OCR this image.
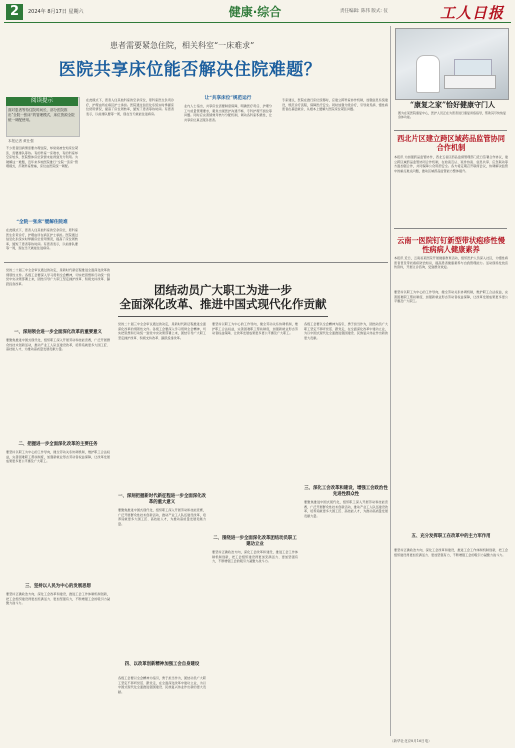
2	2024年 8月17日 星期六	健康·综合	责任编辑: 陈伟 版式: 仪	工人日报
患者需要紧急住院，相关科室“一床难求”
医院共享床位能否解决住院难题？
阅读提示
面对患者等待住院时间长，部分医院推出“全院一张床”的管理模式，床位资源全院统一调配使用。
本报记者 黄仕强
不少患者因病情需要办理住院，却常常被告知床位紧张，需要排队等待。有的科室一床难求，有的科室却空床较多，医院整体床位资源未能得到充分利用。为破解这一难题，近年来多地医院推行“全院一张床”管理模式，打破科室壁垒，床位由医院统一调配。
“全院一张床”缓解住院难
在此模式下，患者入住其他科室的空余床位，原科室医生负责诊疗，护理由所在病区护士承担。医院通过信息化系统实时掌握床位使用情况，提高了床位周转率，缩短了患者等待时间。有患者表示，以前排队要等一周，现在当天就能住进病房。
在此模式下，患者入住其他科室的空余床位，原科室医生负责诊疗，护理由所在病区护士承担。医院通过信息化系统实时掌握床位使用情况，提高了床位周转率，缩短了患者等待时间。有患者表示，以前排队要等一周，现在当天就能住进病房。
让“共享床位”规范运行
业内人士指出，共享床位需要制度保障，明确医疗责任、护理分工与质量管理要求，避免出现医护沟通不畅、专科护理不到位等问题。同时应完善绩效考核与分配机制，调动各科室积极性，让共享床位真正服务患者。
专家建议，医院在推行床位统筹时，应建立跨科室协作机制，加强信息系统建设，规范诊疗流程，保障医疗安全。同时加强分级诊疗，引导常见病、慢性病患者在基层就诊，从根本上缓解大医院床位紧张问题。
“康复之家”恰好健康守门人
图为在某医院康复中心，医护人员正在为患者进行康复训练指导，帮助其尽快恢复身体功能。
西北片区建立跨区域药品监管协同合作机制
本报讯 为加强药品监管协作，西北五省区药品监督管理部门近日签署合作协议，建立跨区域药品监管协同合作机制，在检查互认、案件协查、信息共享、应急联动等方面加强合作，共同保障公众用药安全。各方将定期召开联席会议，协调解决监管中的重点难点问题，推动区域药品监管能力整体提升。
云南一医院钉钉新型带状疱疹性慢性病病人健康素养
本报讯 近日，云南省某医院开展健康教育活动，组织医护人员深入社区，为慢性病患者普及带状疱疹防治知识，提高患者健康素养与自我管理能力。活动现场发放宣传资料，开展义诊咨询，受到群众欢迎。
党的二十届三中全会审议通过的决定，是新时代新征程推进全面深化改革的纲领性文件。各级工会要深入学习贯彻全会精神，切实把思想和行动统一到党中央决策部署上来，团结引导广大职工坚定拥护改革、积极支持改革、踊跃投身改革。	团结动员广大职工为进一步
全面深化改革、推进中国式现代化作贡献
一、深刻领会进一步全面深化改革的重要意义
要聚焦推进中国式现代化，组织职工深入开展劳动和技能竞赛，广泛开展群众性技术创新活动，推动产业工人队伍建设改革，培养造就更多大国工匠、高技能人才，为推动高质量发展贡献力量。
二、把握进一步全面深化改革的主要任务
要坚持以职工为中心的工作导向，健全劳动关系协调机制，维护职工合法权益，完善困难职工帮扶制度，加强新就业形态劳动者权益保障，让改革发展成果更多更公平惠及广大职工。
三、坚持以人民为中心的发展思想
要坚持正确政治方向，深化工会改革和建设，推进工会工作体制机制创新，把工会组织建设得更加充满活力、更加坚强有力，不断增强工会的吸引力凝聚力战斗力。
党的二十届三中全会审议通过的决定，是新时代新征程推进全面深化改革的纲领性文件。各级工会要深入学习贯彻全会精神，切实把思想和行动统一到党中央决策部署上来，团结引导广大职工坚定拥护改革、积极支持改革、踊跃投身改革。
一、深刻把握新时代新征程进一步全面深化改革的重大意义
要聚焦推进中国式现代化，组织职工深入开展劳动和技能竞赛，广泛开展群众性技术创新活动，推动产业工人队伍建设改革，培养造就更多大国工匠、高技能人才，为推动高质量发展贡献力量。
四、以改革创新精神加强工会自身建设
各级工会要以全会精神为指引，勇于担当作为，团结动员广大职工坚定不移听党话、跟党走，在全面深化改革中建功立业，为以中国式现代化全面推进强国建设、民族复兴伟业作出新的更大贡献。
要坚持以职工为中心的工作导向，健全劳动关系协调机制，维护职工合法权益，完善困难职工帮扶制度，加强新就业形态劳动者权益保障，让改革发展成果更多更公平惠及广大职工。
二、围绕进一步全面深化改革团结动员职工建功立业
要坚持正确政治方向，深化工会改革和建设，推进工会工作体制机制创新，把工会组织建设得更加充满活力、更加坚强有力，不断增强工会的吸引力凝聚力战斗力。
各级工会要以全会精神为指引，勇于担当作为，团结动员广大职工坚定不移听党话、跟党走，在全面深化改革中建功立业，为以中国式现代化全面推进强国建设、民族复兴伟业作出新的更大贡献。
三、深化工会改革和建设，增强工会政治性先进性群众性
要聚焦推进中国式现代化，组织职工深入开展劳动和技能竞赛，广泛开展群众性技术创新活动，推动产业工人队伍建设改革，培养造就更多大国工匠、高技能人才，为推动高质量发展贡献力量。
要坚持以职工为中心的工作导向，健全劳动关系协调机制，维护职工合法权益，完善困难职工帮扶制度，加强新就业形态劳动者权益保障，让改革发展成果更多更公平惠及广大职工。
五、充分发挥职工在改革中的主力军作用
要坚持正确政治方向，深化工会改革和建设，推进工会工作体制机制创新，把工会组织建设得更加充满活力、更加坚强有力，不断增强工会的吸引力凝聚力战斗力。
（新华社北京8月16日电）
